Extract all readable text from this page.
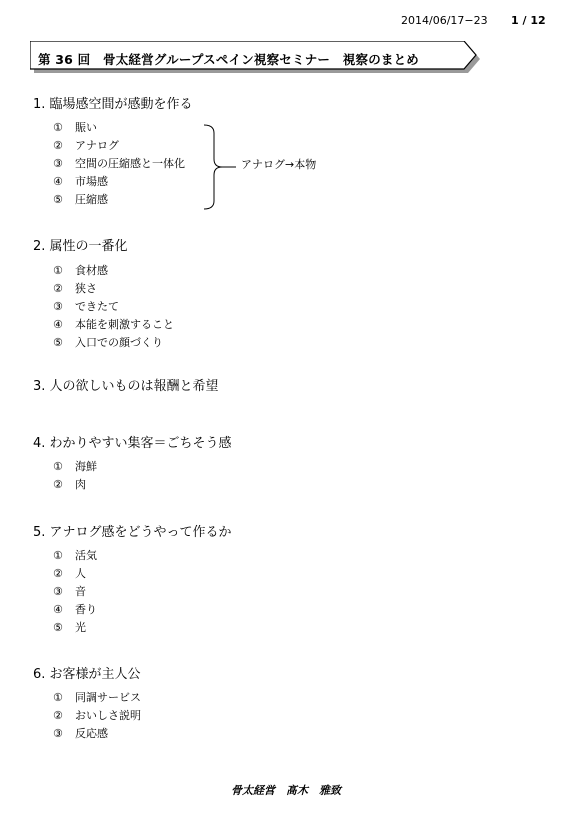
2014/06/17−23 1 / 12
第 36 回　骨太経営グループスペイン視察セミナー　視察のまとめ

1. 臨場感空間が感動を作る

① 賑い
② アナログ
③ 空間の圧縮感と一体化
④ 市場感
⑤ 圧縮感
アナログ→本物

2. 属性の一番化

① 食材感
② 狭さ
③ できたて
④ 本能を刺激すること
⑤ 入口での顔づくり

3. 人の欲しいものは報酬と希望

4. わかりやすい集客＝ごちそう感

① 海鮮
② 肉

5. アナログ感をどうやって作るか

① 活気
② 人
③ 音
④ 香り
⑤ 光

6. お客様が主人公

① 同調サービス
② おいしさ説明
③ 反応感
骨太経営　髙木　雅致
